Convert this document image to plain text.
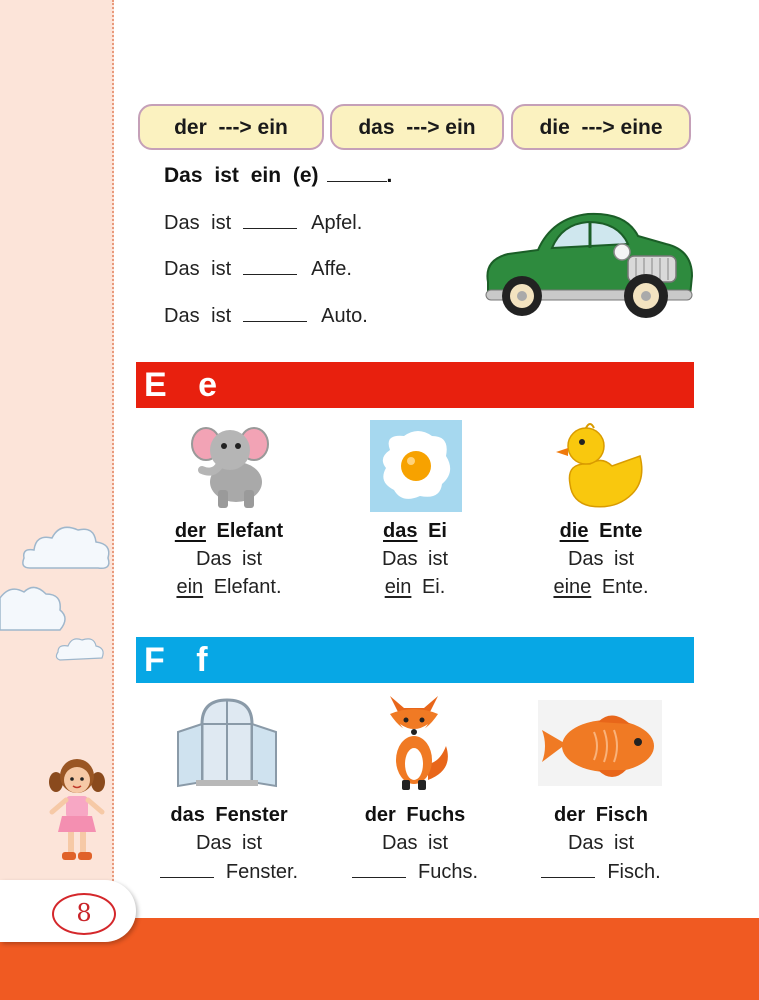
der  ---> ein	das  ---> ein	die  ---> eine
Das ist ein (e)	.
Das ist	Apfel.
Das ist	Affe.
Das ist	Auto.
E e
der Elefant
Das ist
ein Elefant.
das Ei
Das ist
ein Ei.
die Ente
Das ist
eine Ente.
F f
das Fenster
Das ist
Fenster.
der Fuchs
Das ist
Fuchs.
der Fisch
Das ist
Fisch.
8
